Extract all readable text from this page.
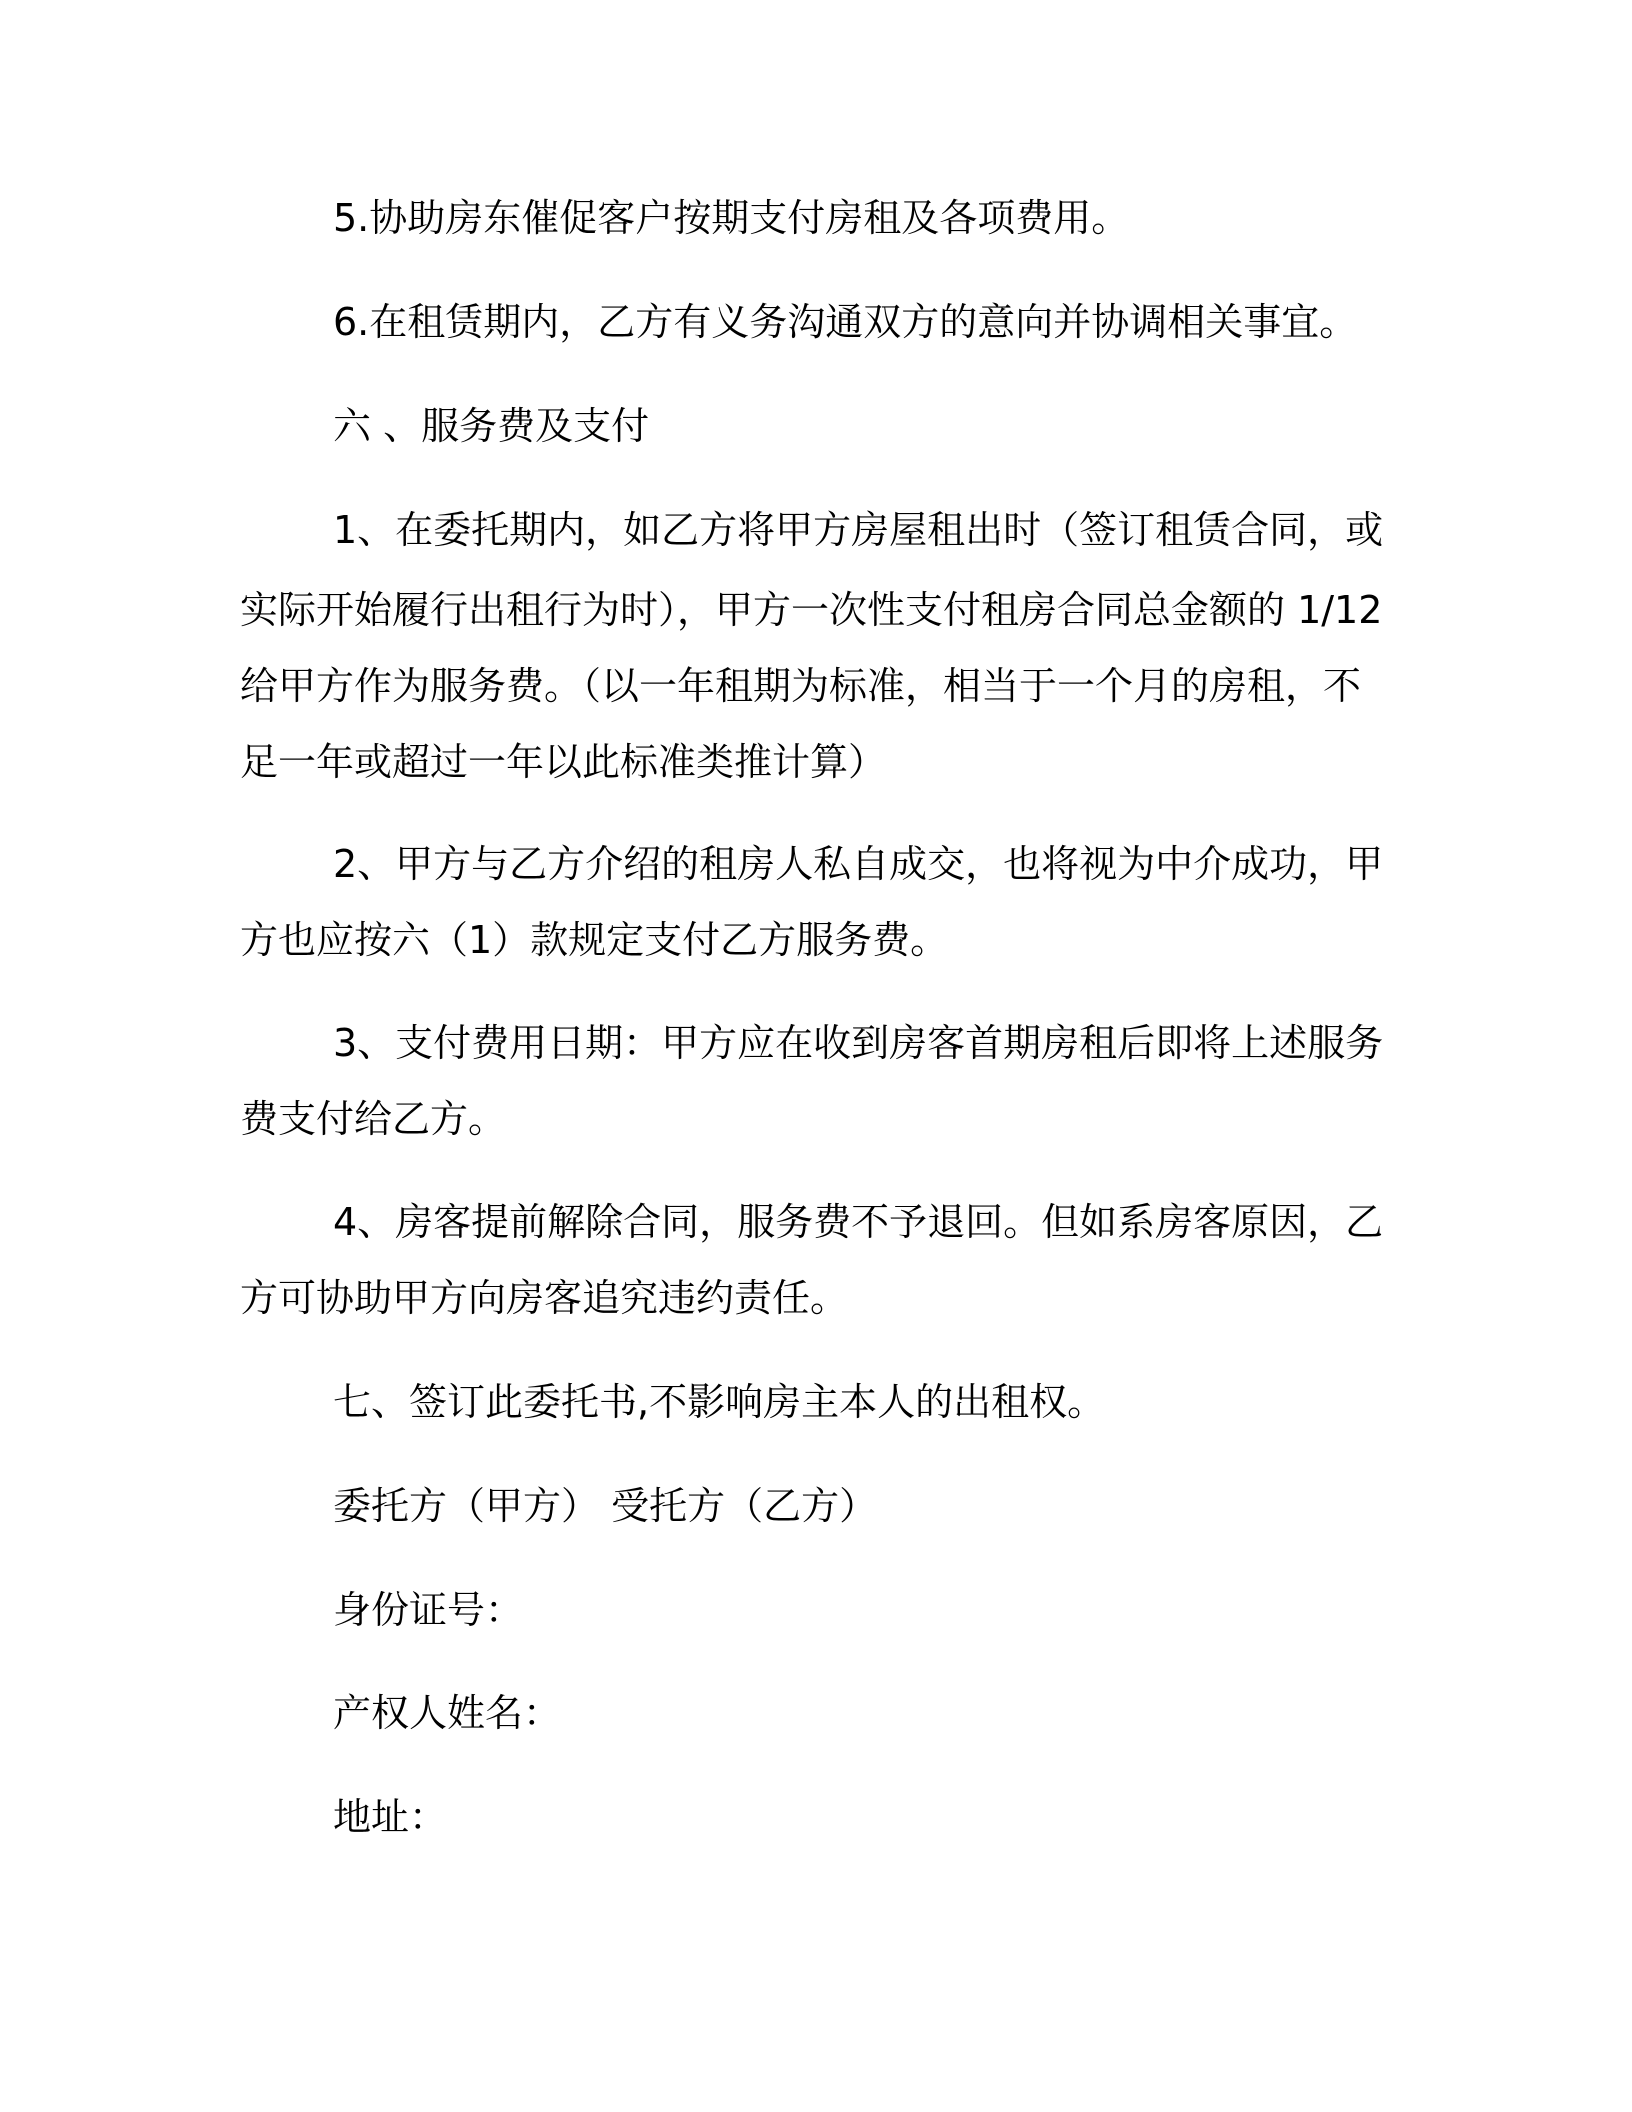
5.协助房东催促客户按期支付房租及各项费用。

6.在租赁期内，乙方有义务沟通双方的意向并协调相关事宜。

六 、服务费及支付

1、在委托期内，如乙方将甲方房屋租出时（签订租赁合同，或

实际开始履行出租行为时），甲方一次性支付租房合同总金额的 1/12

给甲方作为服务费。（以一年租期为标准，相当于一个月的房租，不

足一年或超过一年以此标准类推计算）

2、甲方与乙方介绍的租房人私自成交，也将视为中介成功，甲

方也应按六（1）款规定支付乙方服务费。

3、支付费用日期：甲方应在收到房客首期房租后即将上述服务

费支付给乙方。

4、房客提前解除合同，服务费不予退回。但如系房客原因，乙

方可协助甲方向房客追究违约责任。

七、签订此委托书,不影响房主本人的出租权。

委托方（甲方） 受托方（乙方）

身份证号：

产权人姓名：

地址：
